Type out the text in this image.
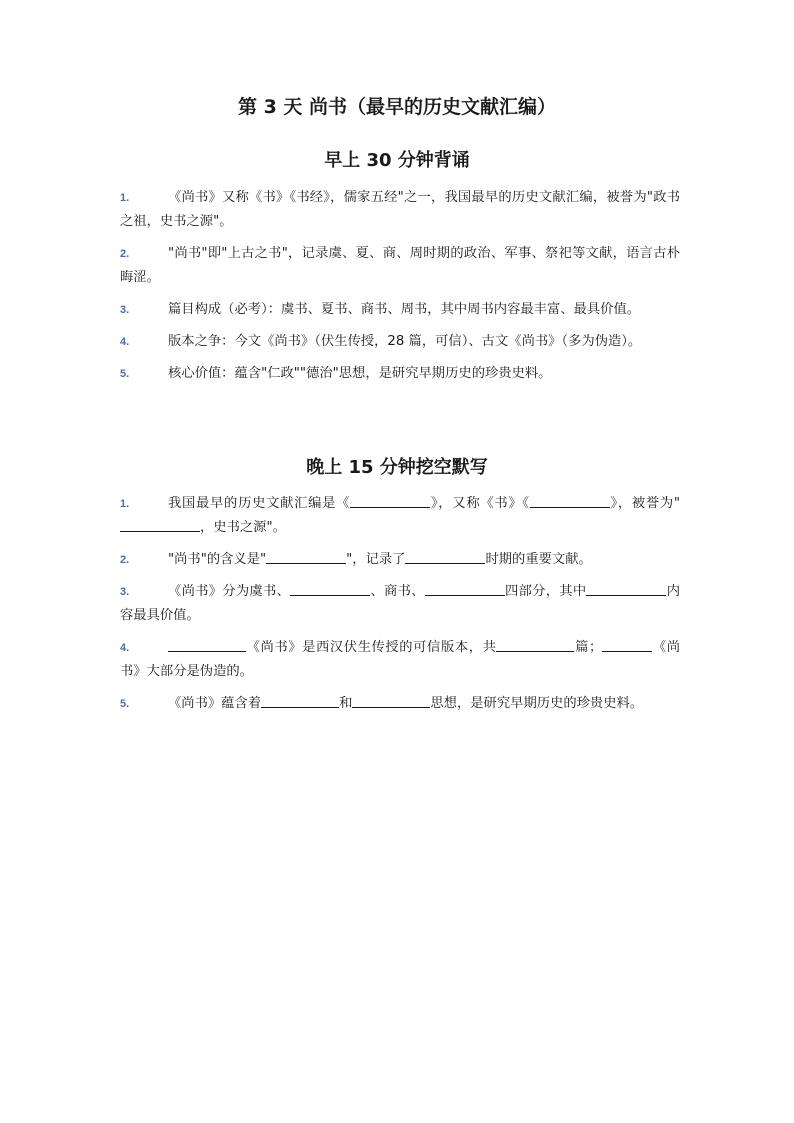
第 3 天 尚书（最早的历史文献汇编）
早上 30 分钟背诵

1.	《尚书》又称《书》《书经》，儒家五经"之一，我国最早的历史文献汇编，被誉为"政书之祖，史书之源"。

2.	"尚书"即"上古之书"，记录虞、夏、商、周时期的政治、军事、祭祀等文献，语言古朴晦涩。

3.	篇目构成（必考）：虞书、夏书、商书、周书，其中周书内容最丰富、最具价值。

4.	版本之争：今文《尚书》（伏生传授，28 篇，可信）、古文《尚书》（多为伪造）。

5.	核心价值：蕴含"仁政""德治"思想，是研究早期历史的珍贵史料。

晚上 15 分钟挖空默写

1.	我国最早的历史文献汇编是《	》，又称《书》《	》，被誉为"，史书之源"。

2.	"尚书"的含义是"	"，记录了	时期的重要文献。

3.	《尚书》分为虞书、	、商书、	四部分，其中	内容最具价值。

4.	《尚书》是西汉伏生传授的可信版本，共	篇；	《尚书》大部分是伪造的。

5.	《尚书》蕴含着	和	思想，是研究早期历史的珍贵史料。
